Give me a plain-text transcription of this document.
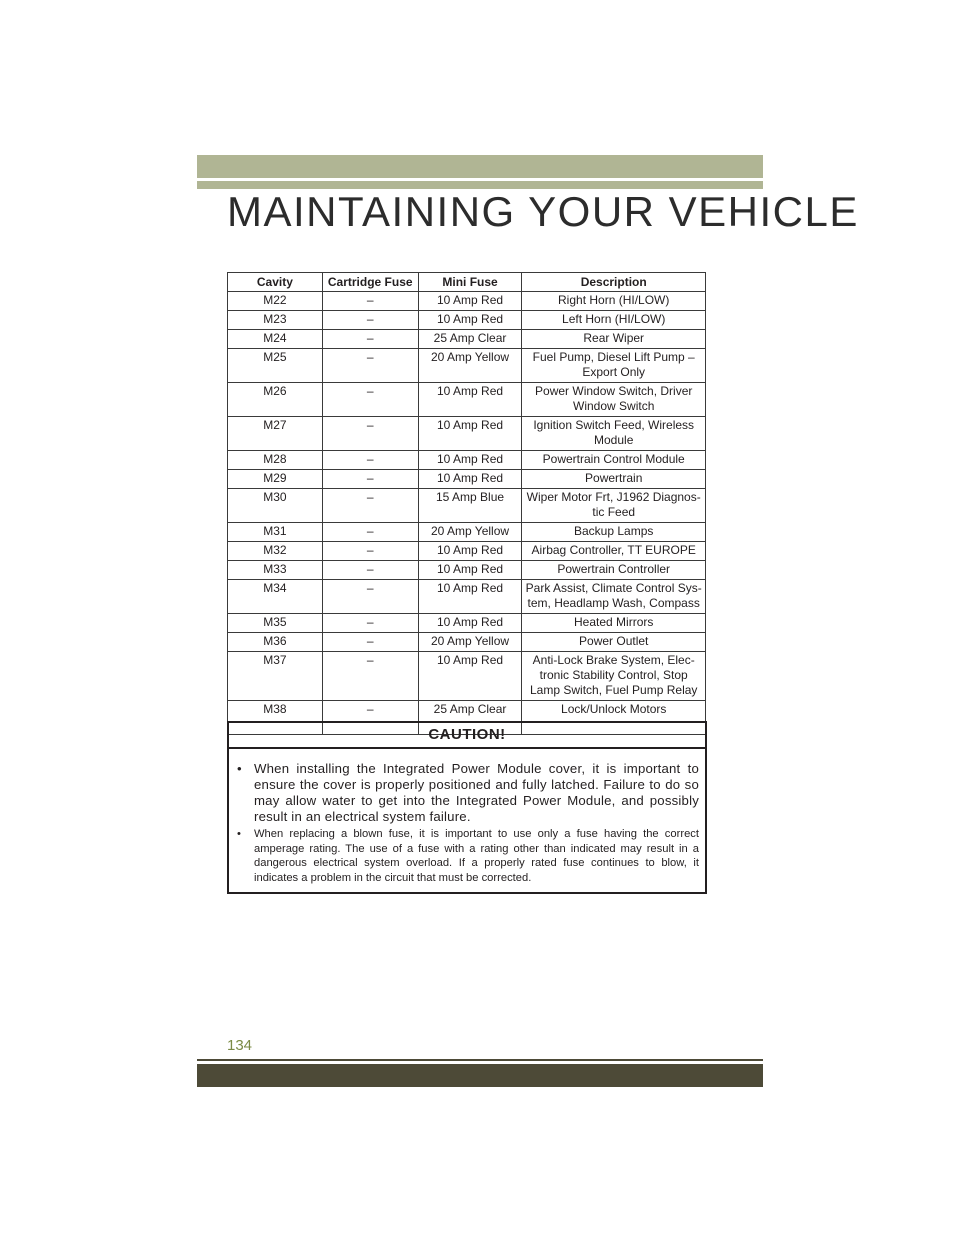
MAINTAINING YOUR VEHICLE
Cavity	Cartridge Fuse	Mini Fuse	Description
M22	–	10 Amp Red	Right Horn (HI/LOW)

M23	–	10 Amp Red	Left Horn (HI/LOW)

M24	–	25 Amp Clear	Rear Wiper

M25	–	20 Amp Yellow	Fuel Pump, Diesel Lift Pump –
Export Only

M26	–	10 Amp Red	Power Window Switch, Driver
Window Switch

M27	–	10 Amp Red	Ignition Switch Feed, Wireless
Module

M28	–	10 Amp Red	Powertrain Control Module

M29	–	10 Amp Red	Powertrain

M30	–	15 Amp Blue	Wiper Motor Frt, J1962 Diagnos-
tic Feed

M31	–	20 Amp Yellow	Backup Lamps

M32	–	10 Amp Red	Airbag Controller, TT EUROPE

M33	–	10 Amp Red	Powertrain Controller

M34	–	10 Amp Red	Park Assist, Climate Control Sys-
tem, Headlamp Wash, Compass

M35	–	10 Amp Red	Heated Mirrors

M36	–	20 Amp Yellow	Power Outlet

M37	–	10 Amp Red	Anti-Lock Brake System, Elec-
tronic Stability Control, Stop
Lamp Switch, Fuel Pump Relay

M38	–	25 Amp Clear	Lock/Unlock Motors
CAUTION!
• When installing the Integrated Power Module cover, it is important to ensure the cover is properly positioned and fully latched. Failure to do so may allow water to get into the Integrated Power Module, and possibly result in an electrical system failure.
• When replacing a blown fuse, it is important to use only a fuse having the correct amperage rating. The use of a fuse with a rating other than indicated may result in a dangerous electrical system overload. If a properly rated fuse continues to blow, it indicates a problem in the circuit that must be corrected.
134
